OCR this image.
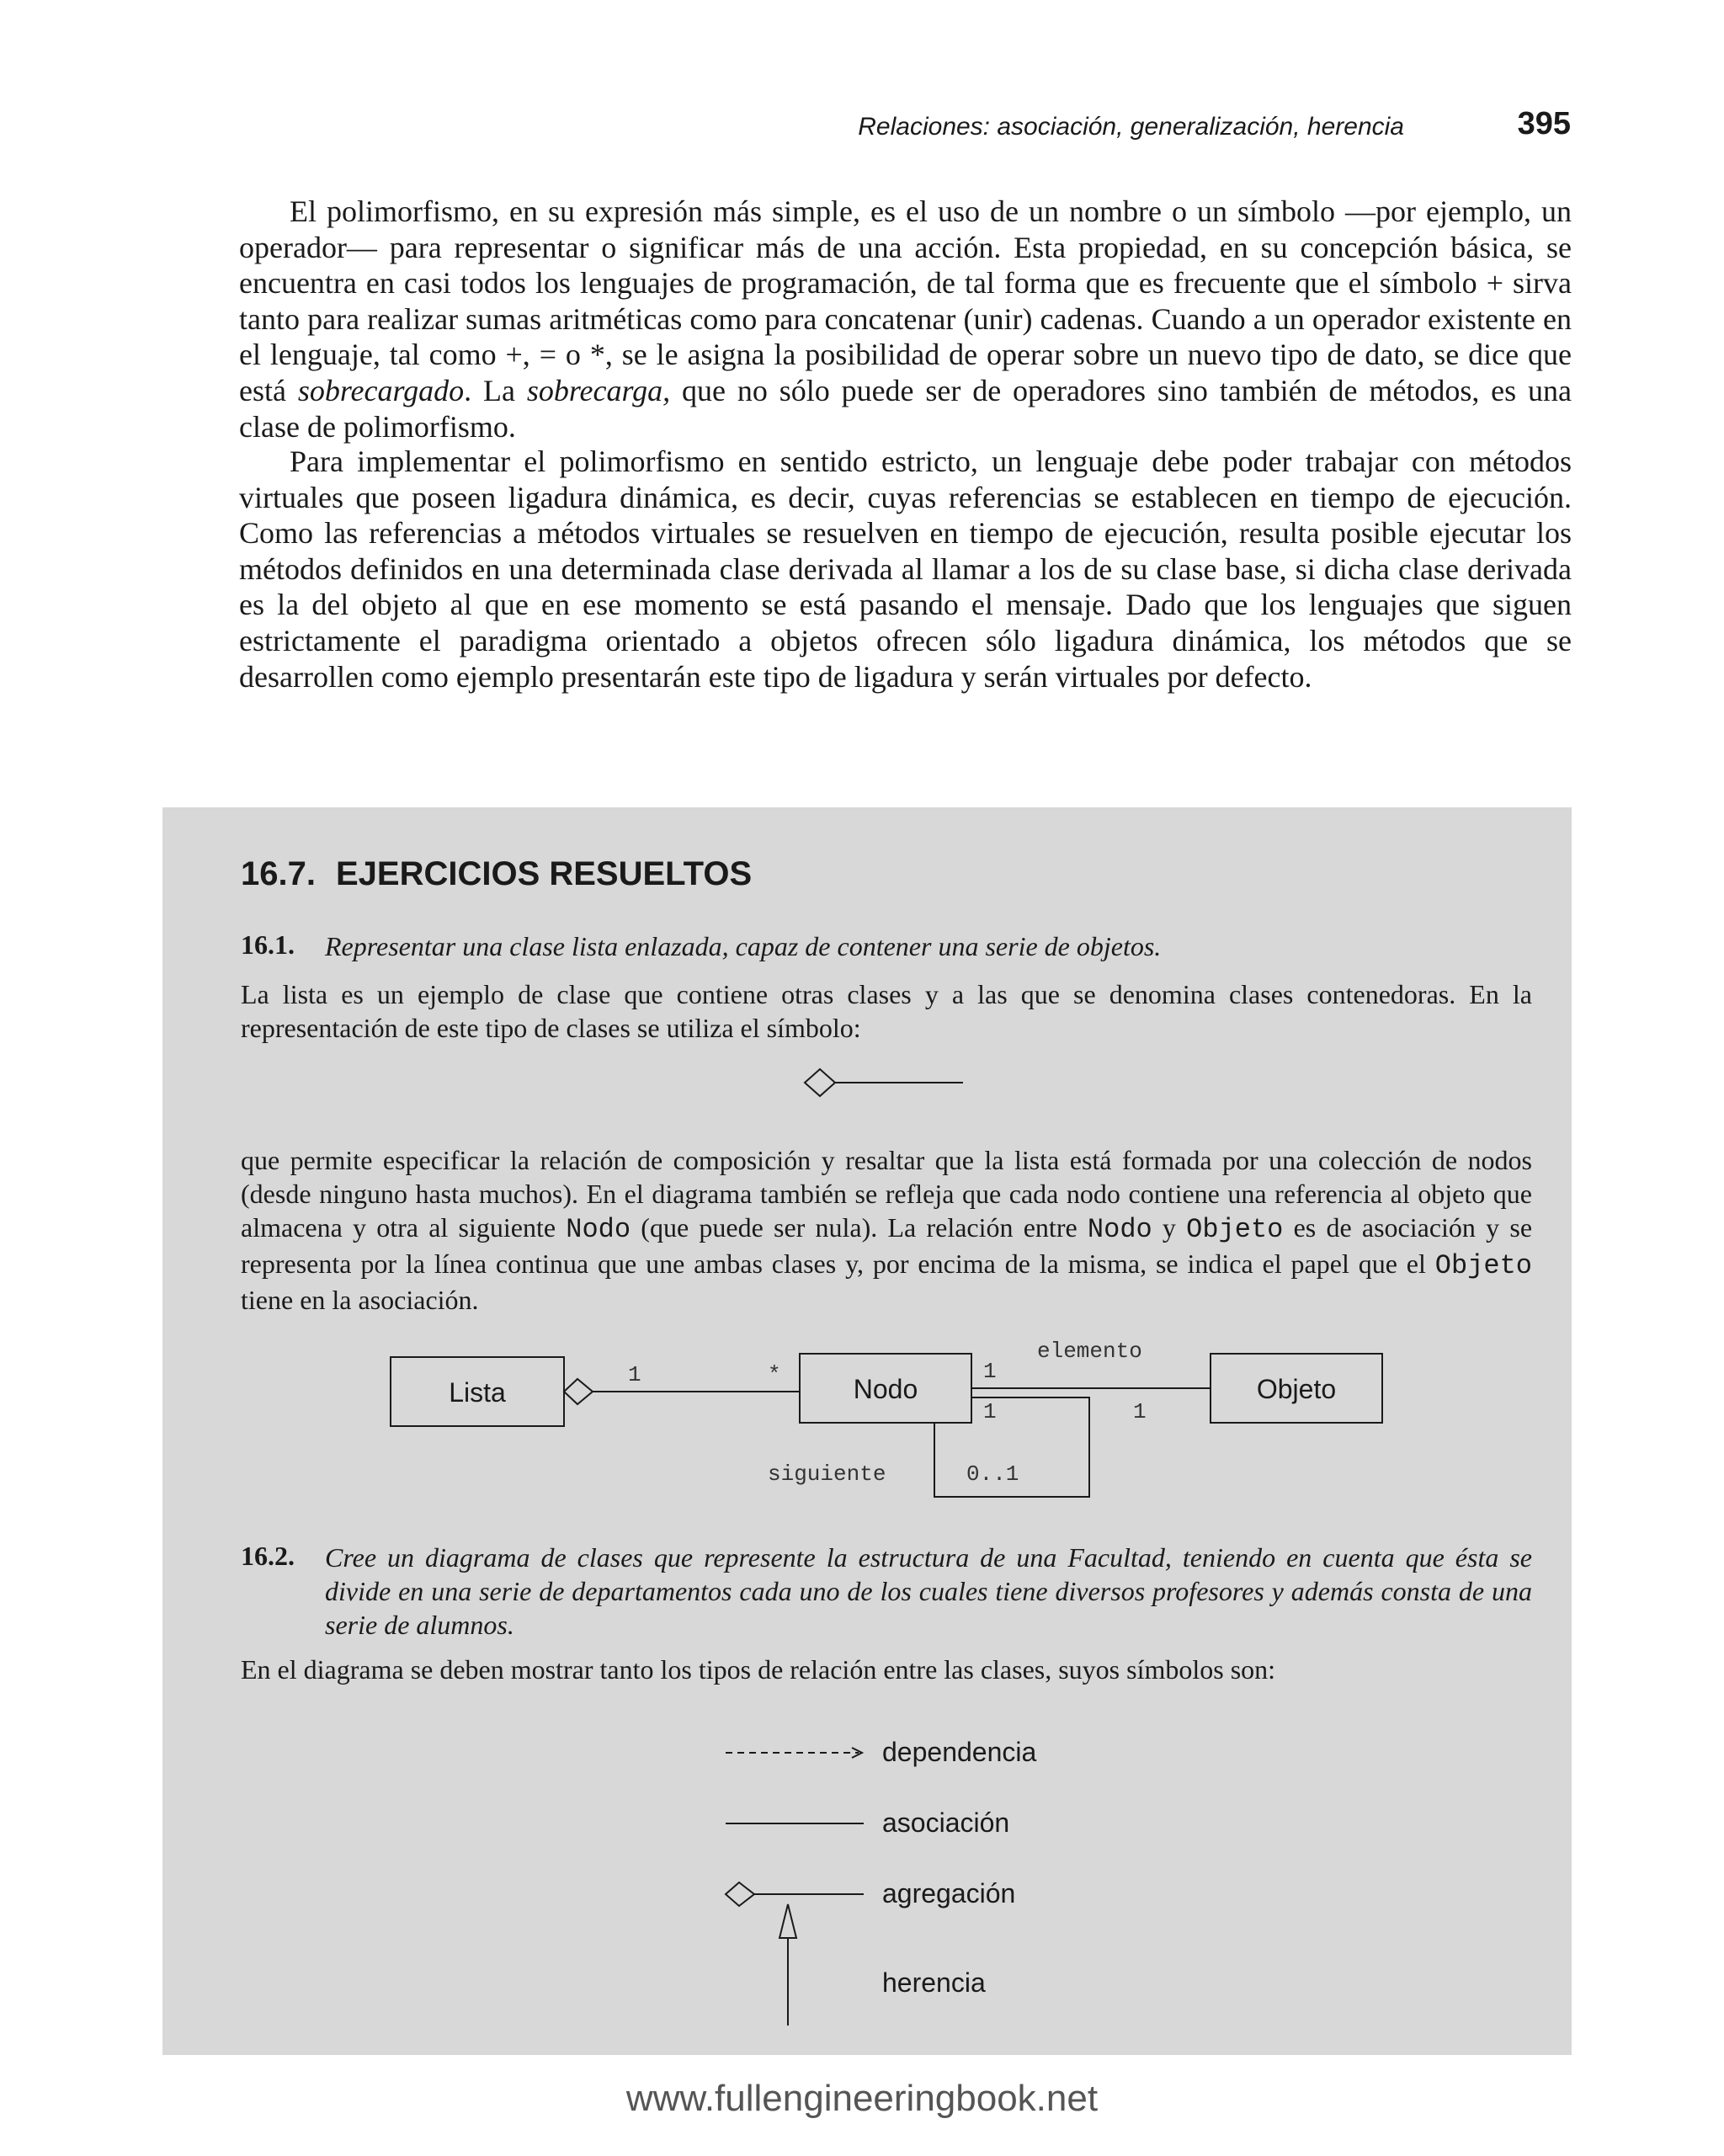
Relaciones: asociación, generalización, herencia	395
El polimorfismo, en su expresión más simple, es el uso de un nombre o un símbolo —por ejemplo, un operador— para representar o significar más de una acción. Esta propiedad, en su concepción básica, se encuentra en casi todos los lenguajes de programación, de tal forma que es frecuente que el símbolo + sirva tanto para realizar sumas aritméticas como para concatenar (unir) cadenas. Cuando a un operador existente en el lenguaje, tal como +, = o *, se le asigna la posibilidad de operar sobre un nuevo tipo de dato, se dice que está sobrecargado. La sobrecarga, que no sólo puede ser de operadores sino también de métodos, es una clase de polimorfismo.
Para implementar el polimorfismo en sentido estricto, un lenguaje debe poder trabajar con métodos virtuales que poseen ligadura dinámica, es decir, cuyas referencias se establecen en tiempo de ejecución. Como las referencias a métodos virtuales se resuelven en tiempo de ejecución, resulta posible ejecutar los métodos definidos en una determinada clase derivada al llamar a los de su clase base, si dicha clase derivada es la del objeto al que en ese momento se está pasando el mensaje. Dado que los lenguajes que siguen estrictamente el paradigma orientado a objetos ofrecen sólo ligadura dinámica, los métodos que se desarrollen como ejemplo presentarán este tipo de ligadura y serán virtuales por defecto.
16.7. EJERCICIOS RESUELTOS
16.1. Representar una clase lista enlazada, capaz de contener una serie de objetos.
La lista es un ejemplo de clase que contiene otras clases y a las que se denomina clases contenedoras. En la representación de este tipo de clases se utiliza el símbolo:
que permite especificar la relación de composición y resaltar que la lista está formada por una colección de nodos (desde ninguno hasta muchos). En el diagrama también se refleja que cada nodo contiene una referencia al objeto que almacena y otra al siguiente Nodo (que puede ser nula). La relación entre Nodo y Objeto es de asociación y se representa por la línea continua que une ambas clases y, por encima de la misma, se indica el papel que el Objeto tiene en la asociación.
Lista
1	*	Nodo
1
elemento
1	1
Objeto
siguiente	0..1
16.2. Cree un diagrama de clases que represente la estructura de una Facultad, teniendo en cuenta que ésta se divide en una serie de departamentos cada uno de los cuales tiene diversos profesores y además consta de una serie de alumnos.
En el diagrama se deben mostrar tanto los tipos de relación entre las clases, suyos símbolos son:
dependencia
asociación
agregación
herencia
www.fullengineeringbook.net
